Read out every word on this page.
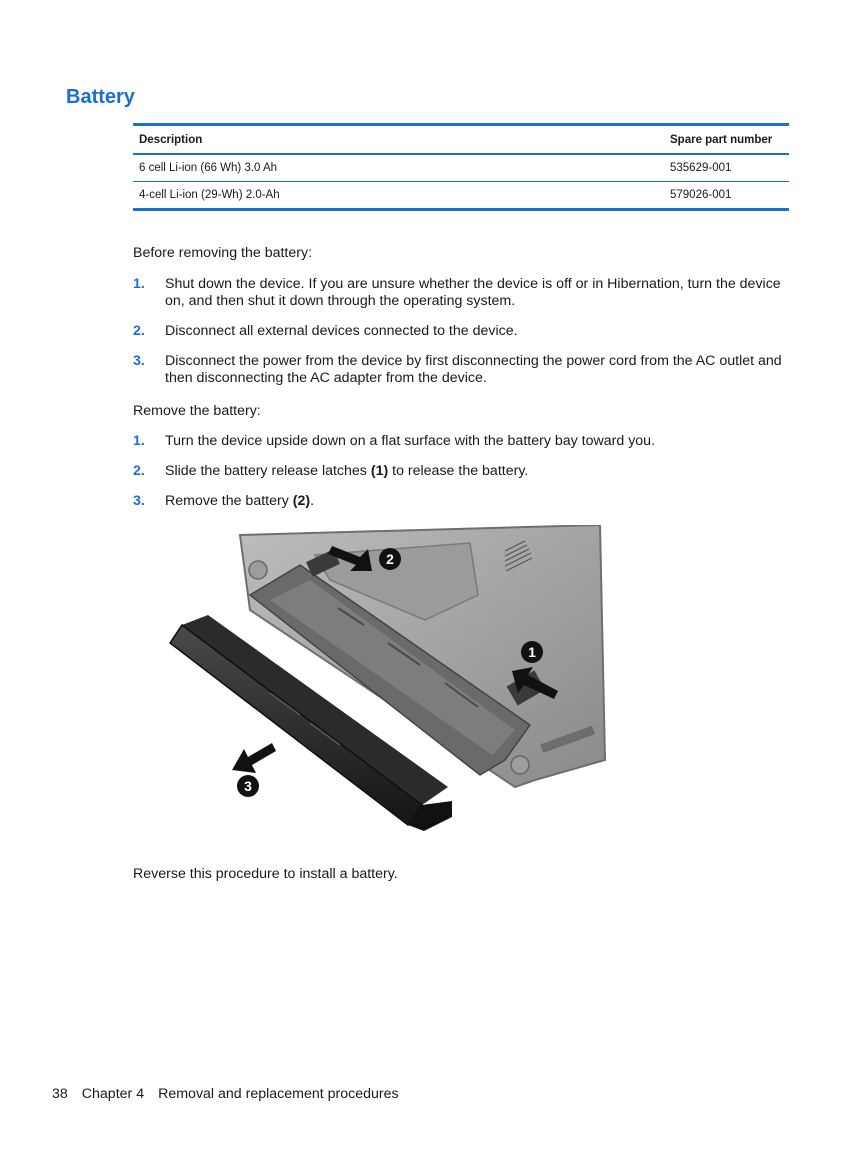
Battery
Description	Spare part number
6 cell Li-ion (66 Wh) 3.0 Ah	535629-001
4-cell Li-ion (29-Wh) 2.0-Ah	579026-001

Before removing the battery:

1. Shut down the device. If you are unsure whether the device is off or in Hibernation, turn the device on, and then shut it down through the operating system.
2. Disconnect all external devices connected to the device.
3. Disconnect the power from the device by first disconnecting the power cord from the AC outlet and then disconnecting the AC adapter from the device.

Remove the battery:

1. Turn the device upside down on a flat surface with the battery bay toward you.
2. Slide the battery release latches (1) to release the battery.
3. Remove the battery (2).
1
2
3

Reverse this procedure to install a battery.

38 Chapter 4 Removal and replacement procedures
